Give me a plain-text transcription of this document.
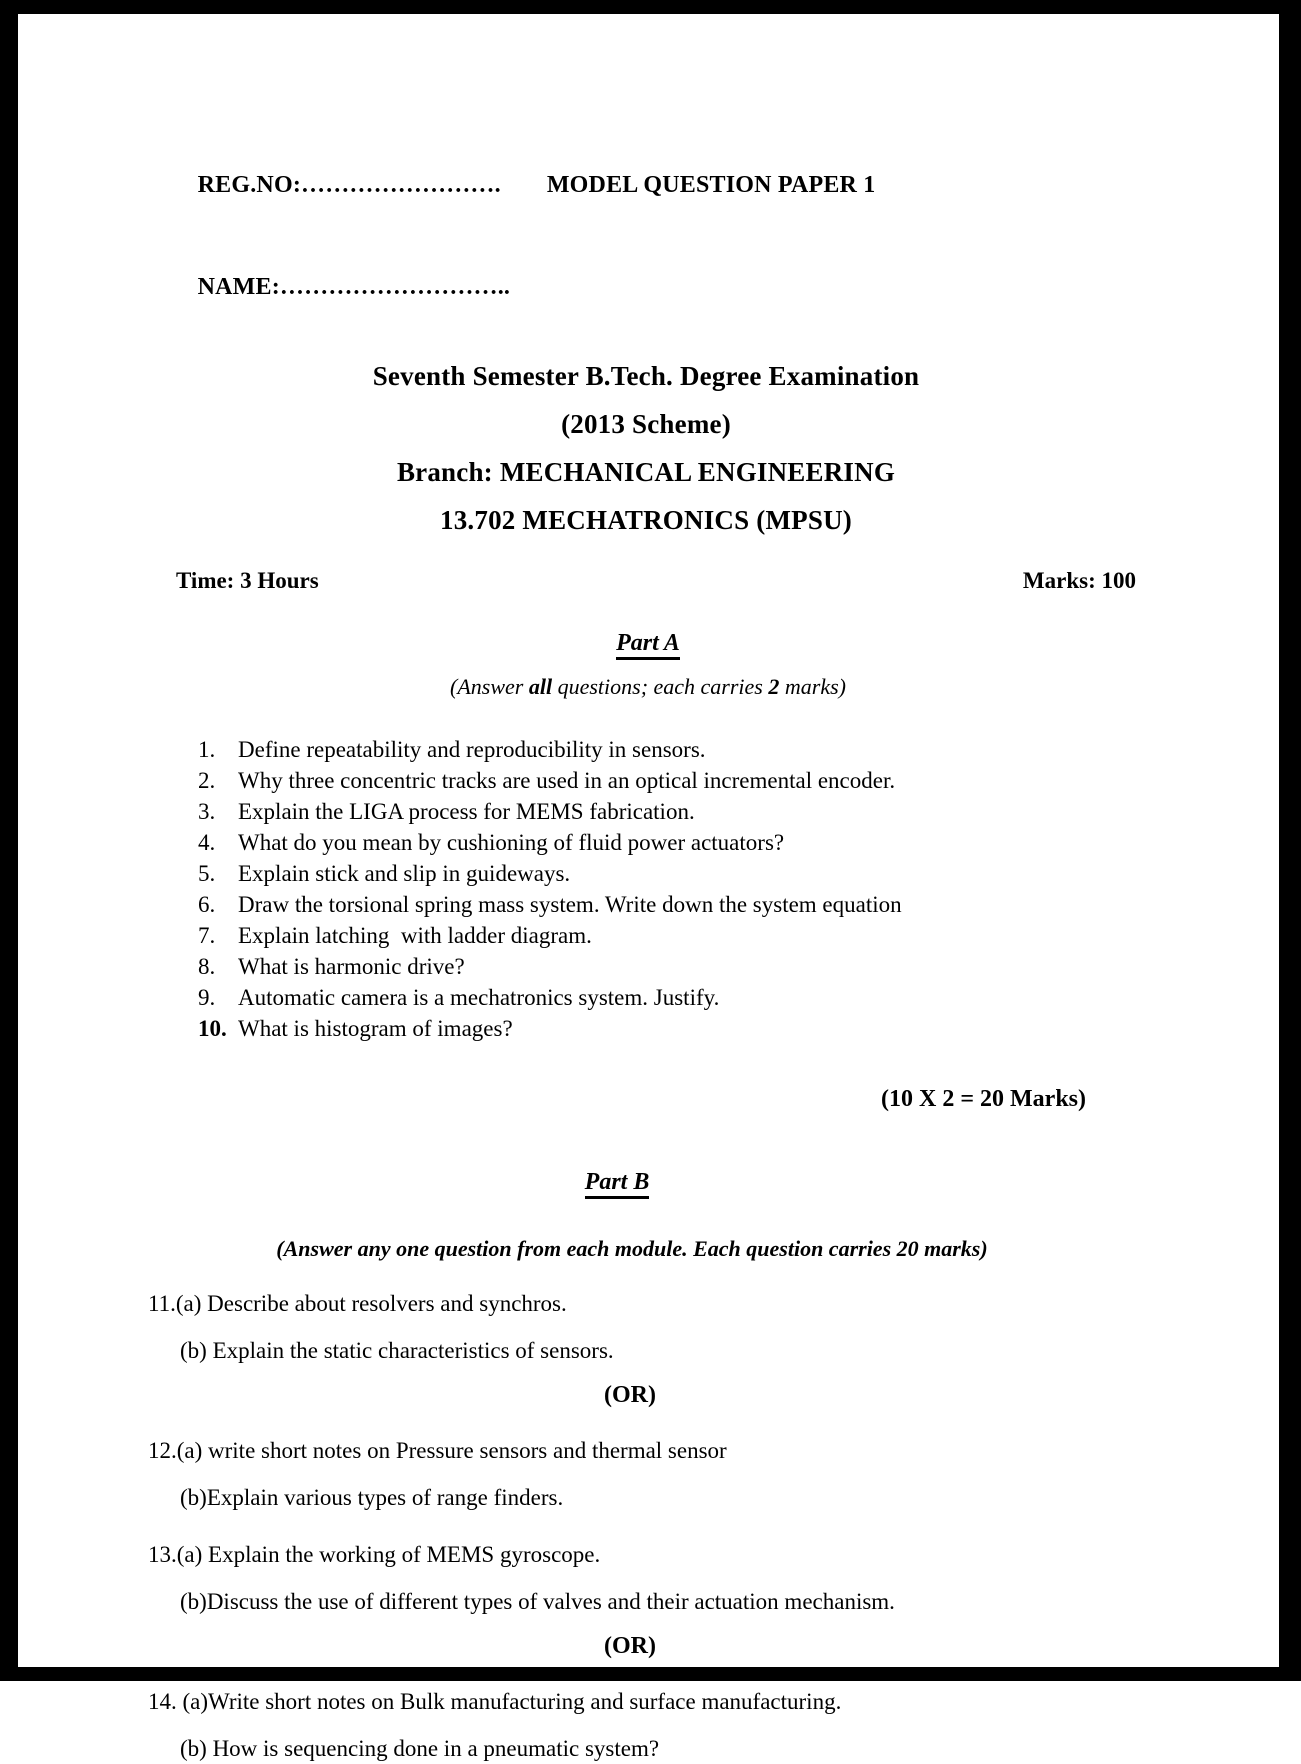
REG.NO:……………………. MODEL QUESTION PAPER 1

NAME:………………………..

Seventh Semester B.Tech. Degree Examination
(2013 Scheme)
Branch: MECHANICAL ENGINEERING
13.702 MECHATRONICS (MPSU)
Time: 3 Hours	Marks: 100
Part A
(Answer all questions; each carries 2 marks)
1. Define repeatability and reproducibility in sensors.
2. Why three concentric tracks are used in an optical incremental encoder.
3. Explain the LIGA process for MEMS fabrication.
4. What do you mean by cushioning of fluid power actuators?
5. Explain stick and slip in guideways.
6. Draw the torsional spring mass system. Write down the system equation
7. Explain latching  with ladder diagram.
8. What is harmonic drive?
9. Automatic camera is a mechatronics system. Justify.
10. What is histogram of images?
(10 X 2 = 20 Marks)
Part B
(Answer any one question from each module. Each question carries 20 marks)
11.(a) Describe about resolvers and synchros.
(b) Explain the static characteristics of sensors.
(OR)
12.(a) write short notes on Pressure sensors and thermal sensor
(b)Explain various types of range finders.
13.(a) Explain the working of MEMS gyroscope.
(b)Discuss the use of different types of valves and their actuation mechanism.
(OR)
14. (a)Write short notes on Bulk manufacturing and surface manufacturing.
(b) How is sequencing done in a pneumatic system?
